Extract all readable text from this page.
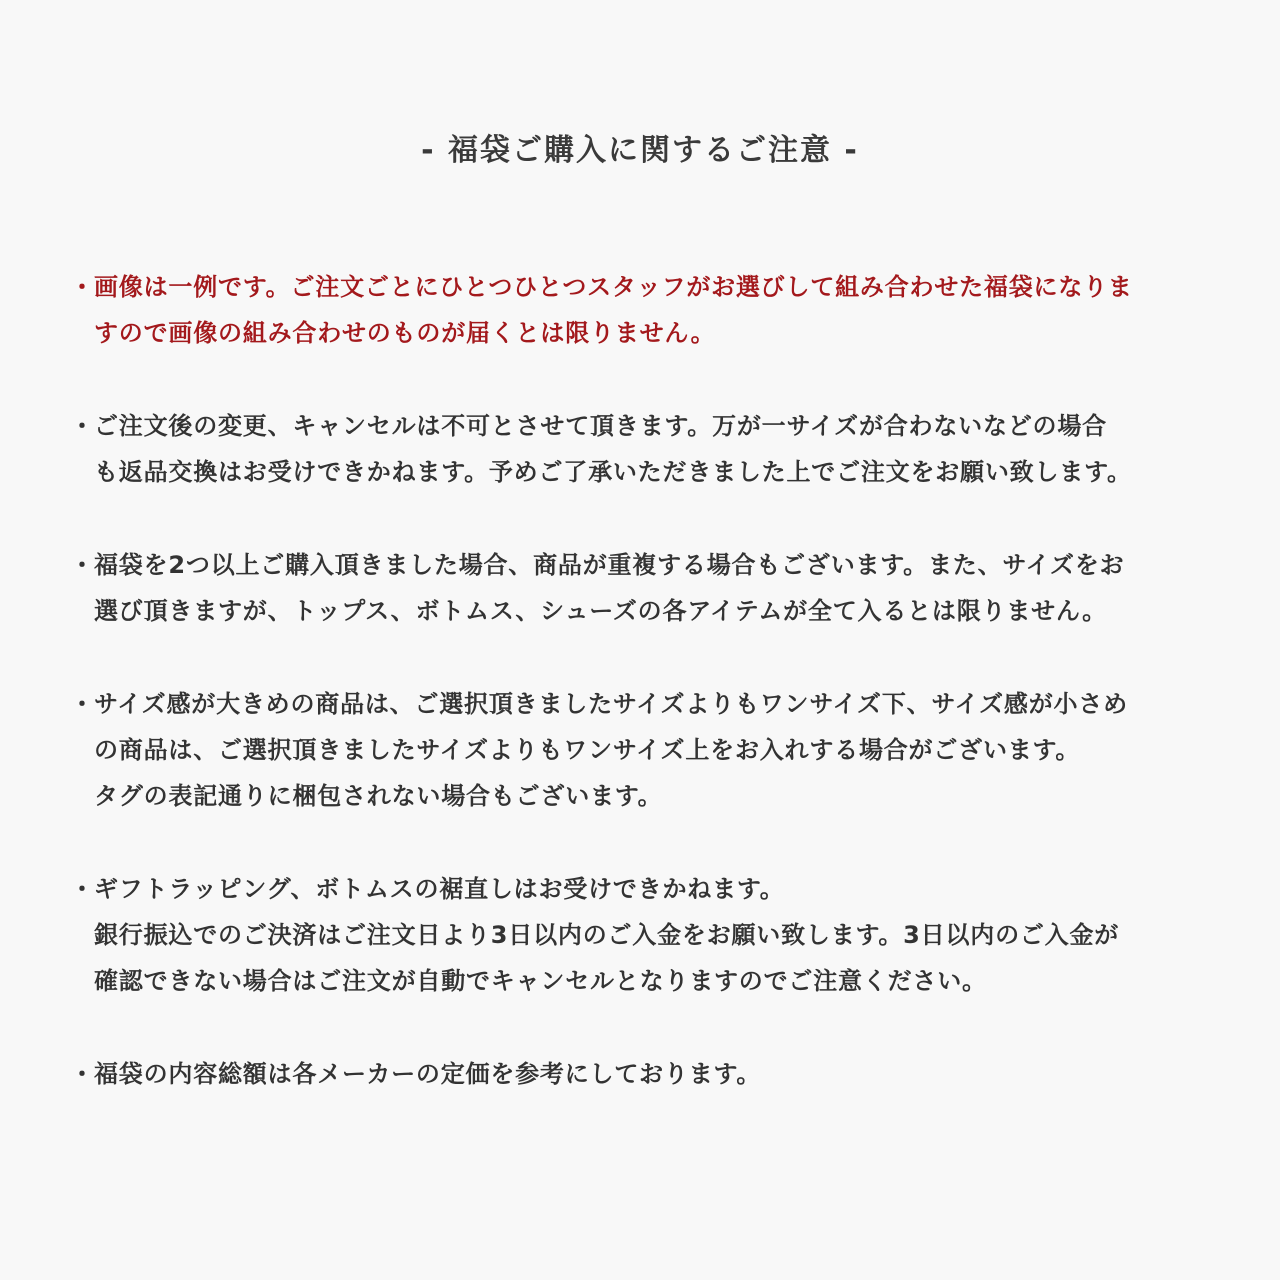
- 福袋ご購入に関するご注意 -
・ 画像は一例です。ご注文ごとにひとつひとつスタッフがお選びして組み合わせた福袋になりま
すので画像の組み合わせのものが届くとは限りません。
・ ご注文後の変更、キャンセルは不可とさせて頂きます。万が一サイズが合わないなどの場合
も返品交換はお受けできかねます。予めご了承いただきました上でご注文をお願い致します。
・ 福袋を2つ以上ご購入頂きました場合、商品が重複する場合もございます。また、サイズをお
選び頂きますが、トップス、ボトムス、シューズの各アイテムが全て入るとは限りません。
・ サイズ感が大きめの商品は、ご選択頂きましたサイズよりもワンサイズ下、サイズ感が小さめ
の商品は、ご選択頂きましたサイズよりもワンサイズ上をお入れする場合がございます。
タグの表記通りに梱包されない場合もございます。
・ ギフトラッピング、ボトムスの裾直しはお受けできかねます。
銀行振込でのご決済はご注文日より3日以内のご入金をお願い致します。3日以内のご入金が
確認できない場合はご注文が自動でキャンセルとなりますのでご注意ください。
・ 福袋の内容総額は各メーカーの定価を参考にしております。
